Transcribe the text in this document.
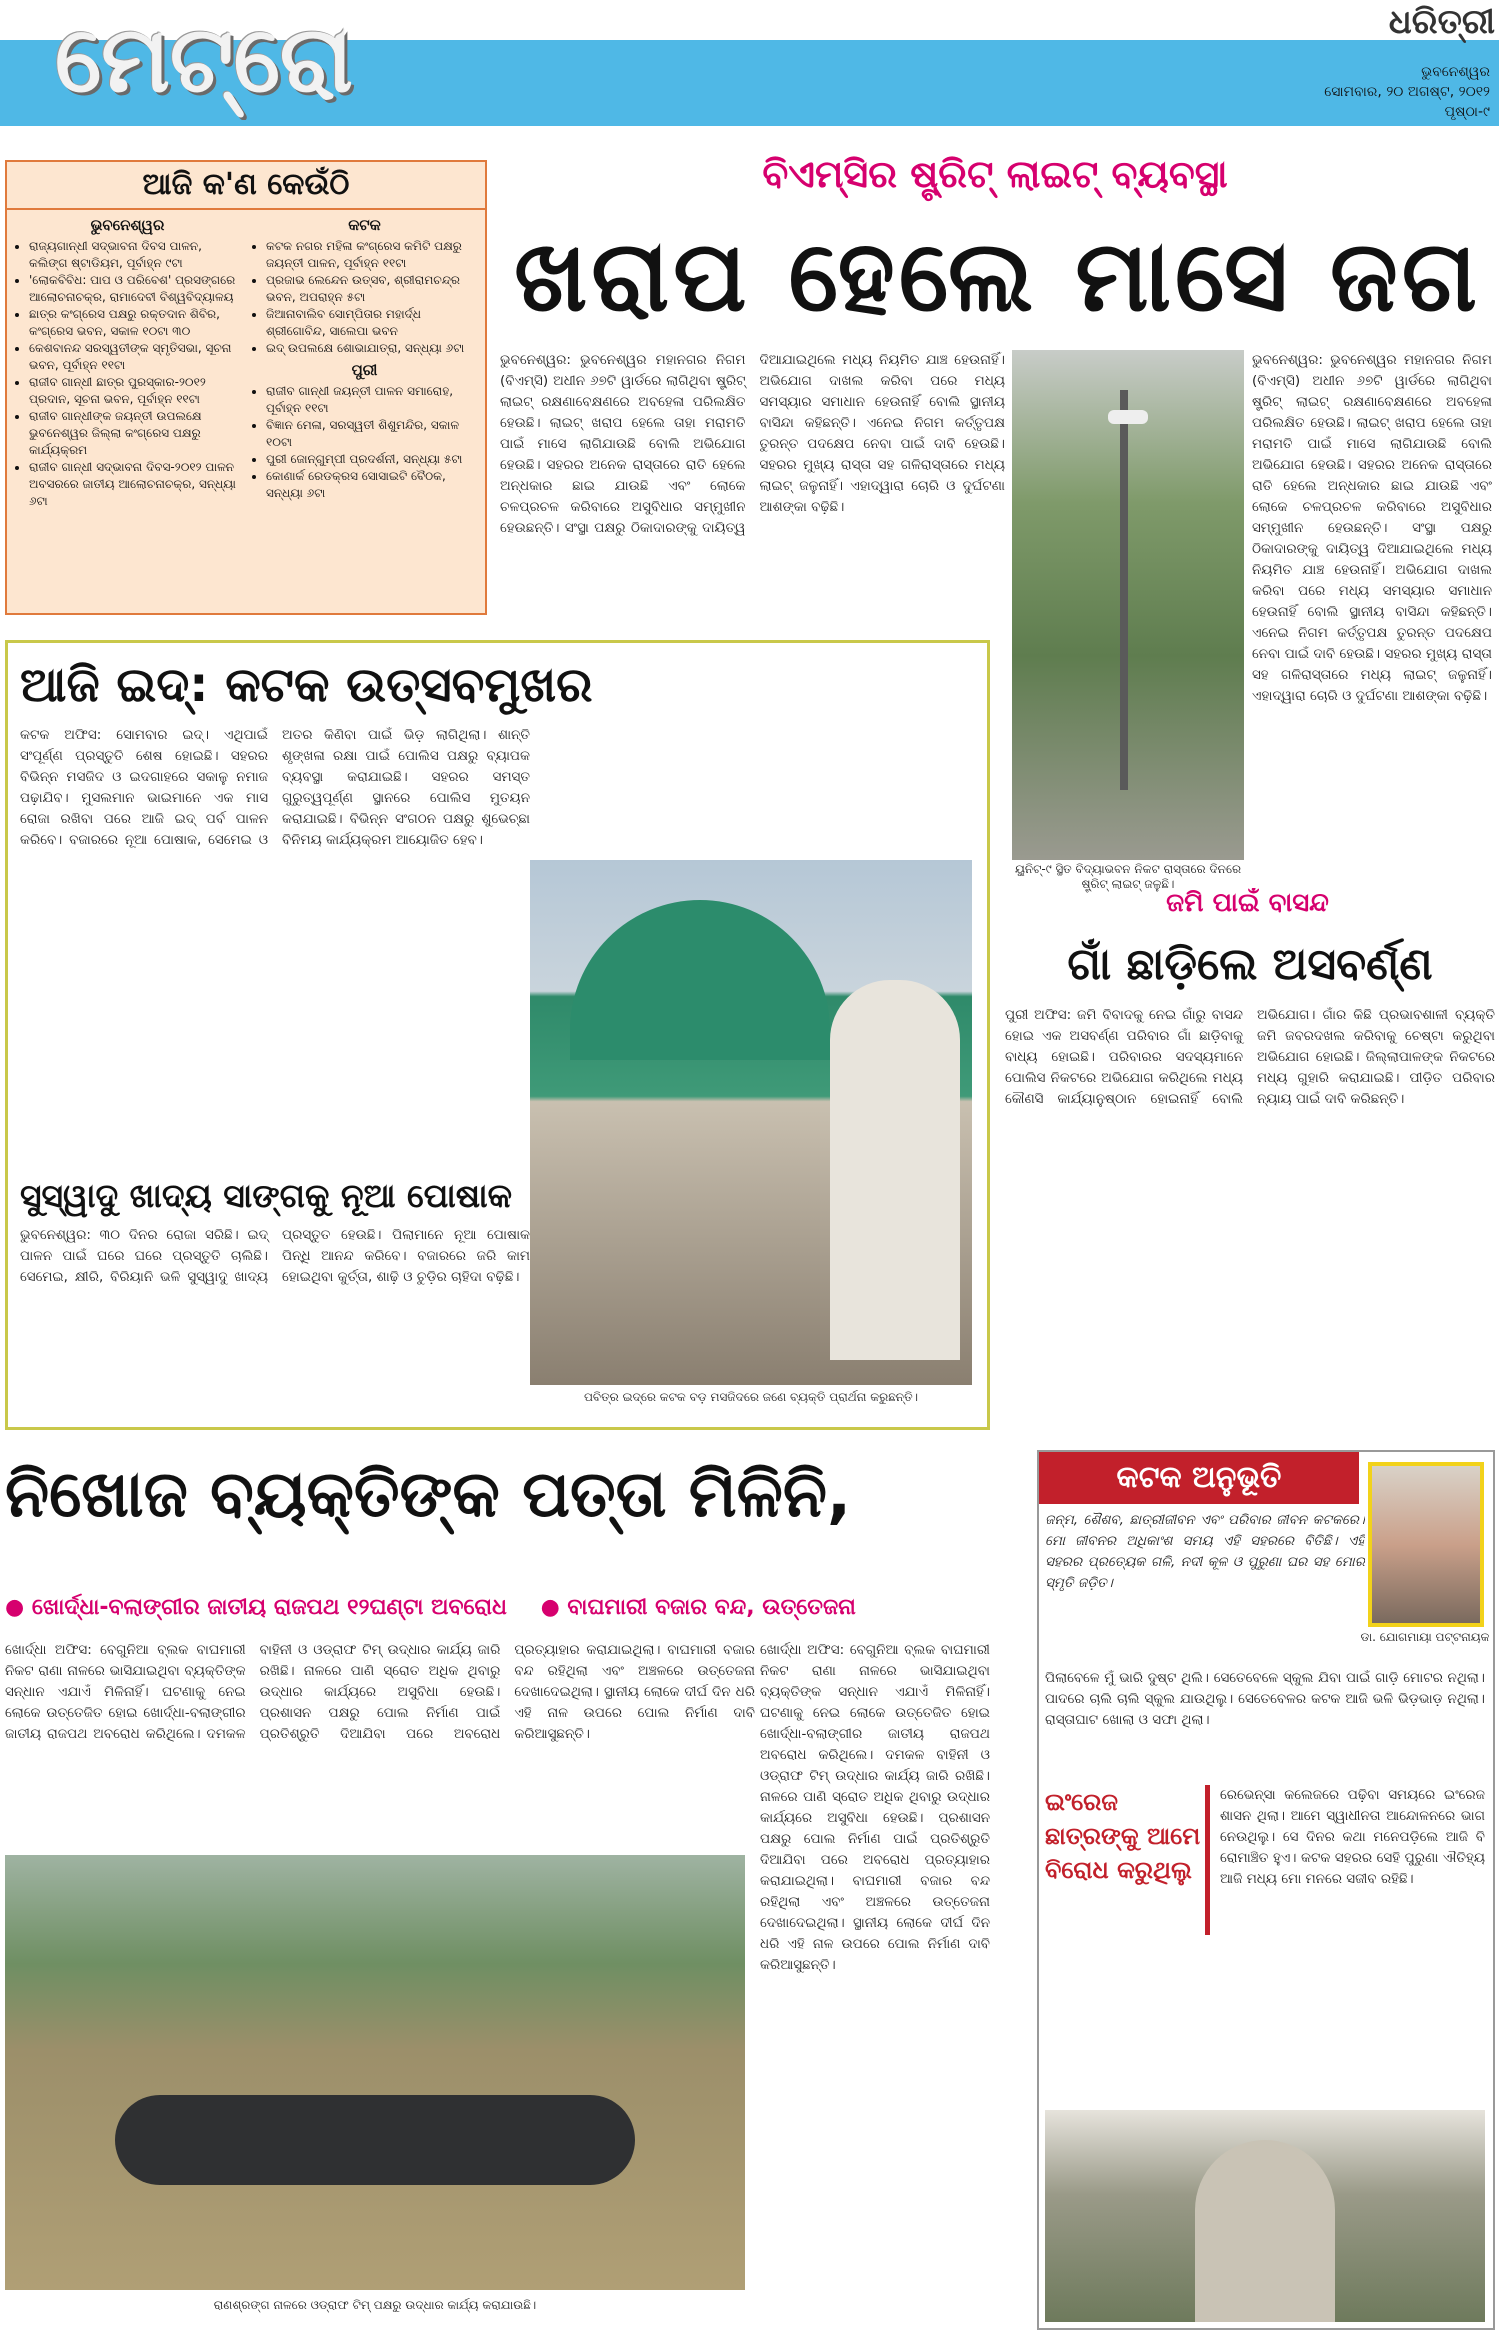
ମେଟ୍ରୋ	ଧରିତ୍ରୀ
ଭୁବନେଶ୍ୱର
ସୋମବାର, ୨୦ ଅଗଷ୍ଟ, ୨୦୧୨
ପୃଷ୍ଠା-୯
ଆଜି କ'ଣ କେଉଁଠି
ଭୁବନେଶ୍ୱର
• ରାଜ୍ୟଗାନ୍ଧୀ ସଦ୍ଭାବନା ଦିବସ ପାଳନ, କଲିଙ୍ଗ ଷ୍ଟାଡିୟମ, ପୂର୍ବାହ୍ନ ୯ଟା
• 'ଲୋକବିବିଧ: ପାପ ଓ ପରିବେଶ' ପ୍ରସଙ୍ଗରେ ଆଲୋଚନାଚକ୍ର, ରାମାଦେବୀ ବିଶ୍ୱବିଦ୍ୟାଳୟ
• ଛାତ୍ର କଂଗ୍ରେସ ପକ୍ଷରୁ ରକ୍ତଦାନ ଶିବିର, କଂଗ୍ରେସ ଭବନ, ସକାଳ ୧୦ଟା ୩୦
• କେଶବାନନ୍ଦ ସରସ୍ୱତୀଙ୍କ ସ୍ମୃତିସଭା, ସୂଚନା ଭବନ, ପୂର୍ବାହ୍ନ ୧୧ଟା
• ରାଜୀବ ଗାନ୍ଧୀ ଛାତ୍ର ପୁରସ୍କାର-୨୦୧୨ ପ୍ରଦାନ, ସୂଚନା ଭବନ, ପୂର୍ବାହ୍ନ ୧୧ଟା
• ରାଜୀବ ଗାନ୍ଧୀଙ୍କ ଜୟନ୍ତୀ ଉପଲକ୍ଷେ ଭୁବନେଶ୍ୱର ଜିଲ୍ଲା କଂଗ୍ରେସ ପକ୍ଷରୁ କାର୍ଯ୍ୟକ୍ରମ
• ରାଜୀବ ଗାନ୍ଧୀ ସଦ୍ଭାବନା ଦିବସ-୨୦୧୨ ପାଳନ ଅବସରରେ ଜାତୀୟ ଆଲୋଚନାଚକ୍ର, ସନ୍ଧ୍ୟା ୬ଟା
କଟକ
• କଟକ ନଗର ମହିଳା କଂଗ୍ରେସ କମିଟି ପକ୍ଷରୁ ଜୟନ୍ତୀ ପାଳନ, ପୂର୍ବାହ୍ନ ୧୧ଟା
• ପ୍ରଜାଭ ଲେନ୍ଦେନ ଉତ୍ସବ, ଶ୍ରୀରାମଚନ୍ଦ୍ର ଭବନ, ଅପରାହ୍ନ ୫ଟା
• ଜିଆନାବାଲିବ ସୋମ୍ପିତାର ମହାର୍ଦ୍ଧ ଶ୍ରୀଗୋବିନ୍ଦ, ସାଲେପା ଭବନ
• ଇଦ୍ ଉପଲକ୍ଷେ ଶୋଭାଯାତ୍ରା, ସନ୍ଧ୍ୟା ୬ଟା
ପୁରୀ
• ରାଜୀବ ଗାନ୍ଧୀ ଜୟନ୍ତୀ ପାଳନ ସମାରୋହ, ପୂର୍ବାହ୍ନ ୧୧ଟା
• ବିଜ୍ଞାନ ମେଳା, ସରସ୍ୱତୀ ଶିଶୁମନ୍ଦିର, ସକାଳ ୧୦ଟା
• ପୁରୀ ଜୋନ୍ଗୁମ୍ପୀ ପ୍ରଦର୍ଶନୀ, ସନ୍ଧ୍ୟା ୫ଟା
• କୋଣାର୍କ ରେଡକ୍ରସ ସୋସାଇଟି ବୈଠକ, ସନ୍ଧ୍ୟା ୬ଟା
ବିଏମ୍‌ସିର ଷ୍ଟ୍ରିଟ୍ ଲାଇଟ୍ ବ୍ୟବସ୍ଥା
ଖରାପ ହେଲେ ମାସେ ଜଗ
ଭୁବନେଶ୍ୱର: ଭୁବନେଶ୍ୱର ମହାନଗର ନିଗମ (ବିଏମ୍‌ସି) ଅଧୀନ ୬୭ଟି ୱାର୍ଡରେ ଲାଗିଥିବା ଷ୍ଟ୍ରିଟ୍ ଲାଇଟ୍ ରକ୍ଷଣାବେକ୍ଷଣରେ ଅବହେଳା ପରିଲକ୍ଷିତ ହେଉଛି। ଲାଇଟ୍ ଖରାପ ହେଲେ ତାହା ମରାମତି ପାଇଁ ମାସେ ଲାଗିଯାଉଛି ବୋଲି ଅଭିଯୋଗ ହେଉଛି। ସହରର ଅନେକ ରାସ୍ତାରେ ରାତି ହେଲେ ଅନ୍ଧକାର ଛାଇ ଯାଉଛି ଏବଂ ଲୋକେ ଚଳପ୍ରଚଳ କରିବାରେ ଅସୁବିଧାର ସମ୍ମୁଖୀନ ହେଉଛନ୍ତି। ସଂସ୍ଥା ପକ୍ଷରୁ ଠିକାଦାରଙ୍କୁ ଦାୟିତ୍ୱ ଦିଆଯାଇଥିଲେ ମଧ୍ୟ ନିୟମିତ ଯାଞ୍ଚ ହେଉନାହିଁ। ଅଭିଯୋଗ ଦାଖଲ କରିବା ପରେ ମଧ୍ୟ ସମସ୍ୟାର ସମାଧାନ ହେଉନାହିଁ ବୋଲି ସ୍ଥାନୀୟ ବାସିନ୍ଦା କହିଛନ୍ତି। ଏନେଇ ନିଗମ କର୍ତ୍ତୃପକ୍ଷ ତୁରନ୍ତ ପଦକ୍ଷେପ ନେବା ପାଇଁ ଦାବି ହେଉଛି। ସହରର ମୁଖ୍ୟ ରାସ୍ତା ସହ ଗଳିରାସ୍ତାରେ ମଧ୍ୟ ଲାଇଟ୍ ଜଳୁନାହିଁ। ଏହାଦ୍ୱାରା ଚୋରି ଓ ଦୁର୍ଘଟଣା ଆଶଙ୍କା ବଢ଼ିଛି।
ୟୁନିଟ୍-୯ ସ୍ଥିତ ବିଦ୍ୟାଭବନ ନିକଟ ରାସ୍ତାରେ ଦିନରେ ଷ୍ଟ୍ରିଟ୍ ଲାଇଟ୍ ଜଳୁଛି।
ଭୁବନେଶ୍ୱର: ଭୁବନେଶ୍ୱର ମହାନଗର ନିଗମ (ବିଏମ୍‌ସି) ଅଧୀନ ୬୭ଟି ୱାର୍ଡରେ ଲାଗିଥିବା ଷ୍ଟ୍ରିଟ୍ ଲାଇଟ୍ ରକ୍ଷଣାବେକ୍ଷଣରେ ଅବହେଳା ପରିଲକ୍ଷିତ ହେଉଛି। ଲାଇଟ୍ ଖରାପ ହେଲେ ତାହା ମରାମତି ପାଇଁ ମାସେ ଲାଗିଯାଉଛି ବୋଲି ଅଭିଯୋଗ ହେଉଛି। ସହରର ଅନେକ ରାସ୍ତାରେ ରାତି ହେଲେ ଅନ୍ଧକାର ଛାଇ ଯାଉଛି ଏବଂ ଲୋକେ ଚଳପ୍ରଚଳ କରିବାରେ ଅସୁବିଧାର ସମ୍ମୁଖୀନ ହେଉଛନ୍ତି। ସଂସ୍ଥା ପକ୍ଷରୁ ଠିକାଦାରଙ୍କୁ ଦାୟିତ୍ୱ ଦିଆଯାଇଥିଲେ ମଧ୍ୟ ନିୟମିତ ଯାଞ୍ଚ ହେଉନାହିଁ। ଅଭିଯୋଗ ଦାଖଲ କରିବା ପରେ ମଧ୍ୟ ସମସ୍ୟାର ସମାଧାନ ହେଉନାହିଁ ବୋଲି ସ୍ଥାନୀୟ ବାସିନ୍ଦା କହିଛନ୍ତି। ଏନେଇ ନିଗମ କର୍ତ୍ତୃପକ୍ଷ ତୁରନ୍ତ ପଦକ୍ଷେପ ନେବା ପାଇଁ ଦାବି ହେଉଛି। ସହରର ମୁଖ୍ୟ ରାସ୍ତା ସହ ଗଳିରାସ୍ତାରେ ମଧ୍ୟ ଲାଇଟ୍ ଜଳୁନାହିଁ। ଏହାଦ୍ୱାରା ଚୋରି ଓ ଦୁର୍ଘଟଣା ଆଶଙ୍କା ବଢ଼ିଛି।
ଆଜି ଇଦ୍: କଟକ ଉତ୍ସବମୁଖର
କଟକ ଅଫିସ: ସୋମବାର ଇଦ୍। ଏଥିପାଇଁ ସଂପୂର୍ଣ୍ଣ ପ୍ରସ୍ତୁତି ଶେଷ ହୋଇଛି। ସହରର ବିଭିନ୍ନ ମସଜିଦ ଓ ଇଦଗାହରେ ସକାଳୁ ନମାଜ ପଢ଼ାଯିବ। ମୁସଲମାନ ଭାଇମାନେ ଏକ ମାସ ରୋଜା ରଖିବା ପରେ ଆଜି ଇଦ୍ ପର୍ବ ପାଳନ କରିବେ। ବଜାରରେ ନୂଆ ପୋଷାକ, ସେମେଇ ଓ ଅତର କିଣିବା ପାଇଁ ଭିଡ଼ ଲାଗିଥିଲା। ଶାନ୍ତି ଶୃଙ୍ଖଳା ରକ୍ଷା ପାଇଁ ପୋଲିସ ପକ୍ଷରୁ ବ୍ୟାପକ ବ୍ୟବସ୍ଥା କରାଯାଇଛି। ସହରର ସମସ୍ତ ଗୁରୁତ୍ୱପୂର୍ଣ୍ଣ ସ୍ଥାନରେ ପୋଲିସ ମୁତୟନ କରାଯାଇଛି। ବିଭିନ୍ନ ସଂଗଠନ ପକ୍ଷରୁ ଶୁଭେଚ୍ଛା ବିନିମୟ କାର୍ଯ୍ୟକ୍ରମ ଆୟୋଜିତ ହେବ।
ସୁସ୍ୱାଦୁ ଖାଦ୍ୟ ସାଙ୍ଗକୁ ନୂଆ ପୋଷାକ
ଭୁବନେଶ୍ୱର: ୩୦ ଦିନର ରୋଜା ସରିଛି। ଇଦ୍ ପାଳନ ପାଇଁ ଘରେ ଘରେ ପ୍ରସ୍ତୁତି ଚାଲିଛି। ସେମେଇ, କ୍ଷୀରି, ବିରିୟାନି ଭଳି ସୁସ୍ୱାଦୁ ଖାଦ୍ୟ ପ୍ରସ୍ତୁତ ହେଉଛି। ପିଲାମାନେ ନୂଆ ପୋଷାକ ପିନ୍ଧି ଆନନ୍ଦ କରିବେ। ବଜାରରେ ଜରି କାମ ହୋଇଥିବା କୁର୍ତ୍ତା, ଶାଢ଼ି ଓ ଚୁଡ଼ିର ଚାହିଦା ବଢ଼ିଛି।
ପବିତ୍ର ଇଦ୍‌ରେ କଟକ ବଡ଼ ମସଜିଦରେ ଜଣେ ବ୍ୟକ୍ତି ପ୍ରାର୍ଥନା କରୁଛନ୍ତି।
ଜମି ପାଇଁ ବାସନ୍ଦ
ଗାଁ ଛାଡ଼ିଲେ ଅସବର୍ଣ୍ଣ
ପୁରୀ ଅଫିସ: ଜମି ବିବାଦକୁ ନେଇ ଗାଁରୁ ବାସନ୍ଦ ହୋଇ ଏକ ଅସବର୍ଣ୍ଣ ପରିବାର ଗାଁ ଛାଡ଼ିବାକୁ ବାଧ୍ୟ ହୋଇଛି। ପରିବାରର ସଦସ୍ୟମାନେ ପୋଲିସ ନିକଟରେ ଅଭିଯୋଗ କରିଥିଲେ ମଧ୍ୟ କୌଣସି କାର୍ଯ୍ୟାନୁଷ୍ଠାନ ହୋଇନାହିଁ ବୋଲି ଅଭିଯୋଗ। ଗାଁର କିଛି ପ୍ରଭାବଶାଳୀ ବ୍ୟକ୍ତି ଜମି ଜବରଦଖଲ କରିବାକୁ ଚେଷ୍ଟା କରୁଥିବା ଅଭିଯୋଗ ହୋଇଛି। ଜିଲ୍ଲାପାଳଙ୍କ ନିକଟରେ ମଧ୍ୟ ଗୁହାରି କରାଯାଇଛି। ପୀଡ଼ିତ ପରିବାର ନ୍ୟାୟ ପାଇଁ ଦାବି କରିଛନ୍ତି।
ନିଖୋଜ ବ୍ୟକ୍ତିଙ୍କ ପତ୍ତା ମିଳିନି,
● ଖୋର୍ଦ୍ଧା-ବଲାଙ୍ଗୀର ଜାତୀୟ ରାଜପଥ ୧୨ଘଣ୍ଟା ଅବରୋଧ ● ବାଘମାରୀ ବଜାର ବନ୍ଦ, ଉତ୍ତେଜନା
ଖୋର୍ଦ୍ଧା ଅଫିସ: ବେଗୁନିଆ ବ୍ଲକ ବାଘମାରୀ ନିକଟ ରାଣା ନାଳରେ ଭାସିଯାଇଥିବା ବ୍ୟକ୍ତିଙ୍କ ସନ୍ଧାନ ଏଯାଏଁ ମିଳିନାହିଁ। ଘଟଣାକୁ ନେଇ ଲୋକେ ଉତ୍ତେଜିତ ହୋଇ ଖୋର୍ଦ୍ଧା-ବଲାଙ୍ଗୀର ଜାତୀୟ ରାଜପଥ ଅବରୋଧ କରିଥିଲେ। ଦମକଳ ବାହିନୀ ଓ ଓଡ୍ରାଫ ଟିମ୍ ଉଦ୍ଧାର କାର୍ଯ୍ୟ ଜାରି ରଖିଛି। ନାଳରେ ପାଣି ସ୍ରୋତ ଅଧିକ ଥିବାରୁ ଉଦ୍ଧାର କାର୍ଯ୍ୟରେ ଅସୁବିଧା ହେଉଛି। ପ୍ରଶାସନ ପକ୍ଷରୁ ପୋଲ ନିର୍ମାଣ ପାଇଁ ପ୍ରତିଶ୍ରୁତି ଦିଆଯିବା ପରେ ଅବରୋଧ ପ୍ରତ୍ୟାହାର କରାଯାଇଥିଲା। ବାଘମାରୀ ବଜାର ବନ୍ଦ ରହିଥିଲା ଏବଂ ଅଞ୍ଚଳରେ ଉତ୍ତେଜନା ଦେଖାଦେଇଥିଲା। ସ୍ଥାନୀୟ ଲୋକେ ଦୀର୍ଘ ଦିନ ଧରି ଏହି ନାଳ ଉପରେ ପୋଲ ନିର୍ମାଣ ଦାବି କରିଆସୁଛନ୍ତି।
ଖୋର୍ଦ୍ଧା ଅଫିସ: ବେଗୁନିଆ ବ୍ଲକ ବାଘମାରୀ ନିକଟ ରାଣା ନାଳରେ ଭାସିଯାଇଥିବା ବ୍ୟକ୍ତିଙ୍କ ସନ୍ଧାନ ଏଯାଏଁ ମିଳିନାହିଁ। ଘଟଣାକୁ ନେଇ ଲୋକେ ଉତ୍ତେଜିତ ହୋଇ ଖୋର୍ଦ୍ଧା-ବଲାଙ୍ଗୀର ଜାତୀୟ ରାଜପଥ ଅବରୋଧ କରିଥିଲେ। ଦମକଳ ବାହିନୀ ଓ ଓଡ୍ରାଫ ଟିମ୍ ଉଦ୍ଧାର କାର୍ଯ୍ୟ ଜାରି ରଖିଛି। ନାଳରେ ପାଣି ସ୍ରୋତ ଅଧିକ ଥିବାରୁ ଉଦ୍ଧାର କାର୍ଯ୍ୟରେ ଅସୁବିଧା ହେଉଛି। ପ୍ରଶାସନ ପକ୍ଷରୁ ପୋଲ ନିର୍ମାଣ ପାଇଁ ପ୍ରତିଶ୍ରୁତି ଦିଆଯିବା ପରେ ଅବରୋଧ ପ୍ରତ୍ୟାହାର କରାଯାଇଥିଲା। ବାଘମାରୀ ବଜାର ବନ୍ଦ ରହିଥିଲା ଏବଂ ଅଞ୍ଚଳରେ ଉତ୍ତେଜନା ଦେଖାଦେଇଥିଲା। ସ୍ଥାନୀୟ ଲୋକେ ଦୀର୍ଘ ଦିନ ଧରି ଏହି ନାଳ ଉପରେ ପୋଲ ନିର୍ମାଣ ଦାବି କରିଆସୁଛନ୍ତି।
ରାଣଶ୍ରଙ୍ଗ ନାଳରେ ଓଡ୍ରାଫ ଟିମ୍ ପକ୍ଷରୁ ଉଦ୍ଧାର କାର୍ଯ୍ୟ କରାଯାଉଛି।
କଟକ ଅନୁଭୂତି
ଜନ୍ମ, ଶୈଶବ, ଛାତ୍ରୀଜୀବନ ଏବଂ ପରିବାର ଜୀବନ କଟକରେ। ମୋ ଜୀବନର ଅଧିକାଂଶ ସମୟ ଏହି ସହରରେ ବିତିଛି। ଏହି ସହରର ପ୍ରତ୍ୟେକ ଗଳି, ନଦୀ କୂଳ ଓ ପୁରୁଣା ଘର ସହ ମୋର ସ୍ମୃତି ଜଡ଼ିତ।
ଡା. ଯୋଗମାୟା ପଟ୍ଟନାୟକ
ପିଲାବେଳେ ମୁଁ ଭାରି ଦୁଷ୍ଟ ଥିଲି। ସେତେବେଳେ ସ୍କୁଲ ଯିବା ପାଇଁ ଗାଡ଼ି ମୋଟର ନଥିଲା। ପାଦରେ ଚାଲି ଚାଲି ସ୍କୁଲ ଯାଉଥିଲୁ। ସେତେବେଳର କଟକ ଆଜି ଭଳି ଭିଡ଼ଭାଡ଼ ନଥିଲା। ରାସ୍ତାଘାଟ ଖୋଲା ଓ ସଫା ଥିଲା।
ଇଂରେଜ ଛାତ୍ରଙ୍କୁ ଆମେ ବିରୋଧ କରୁଥିଲୁ
ରେଭେନ୍ସା କଲେଜରେ ପଢ଼ିବା ସମୟରେ ଇଂରେଜ ଶାସନ ଥିଲା। ଆମେ ସ୍ୱାଧୀନତା ଆନ୍ଦୋଳନରେ ଭାଗ ନେଉଥିଲୁ। ସେ ଦିନର କଥା ମନେପଡ଼ିଲେ ଆଜି ବି ରୋମାଞ୍ଚିତ ହୁଏ। କଟକ ସହରର ସେହି ପୁରୁଣା ଐତିହ୍ୟ ଆଜି ମଧ୍ୟ ମୋ ମନରେ ସଜୀବ ରହିଛି।
